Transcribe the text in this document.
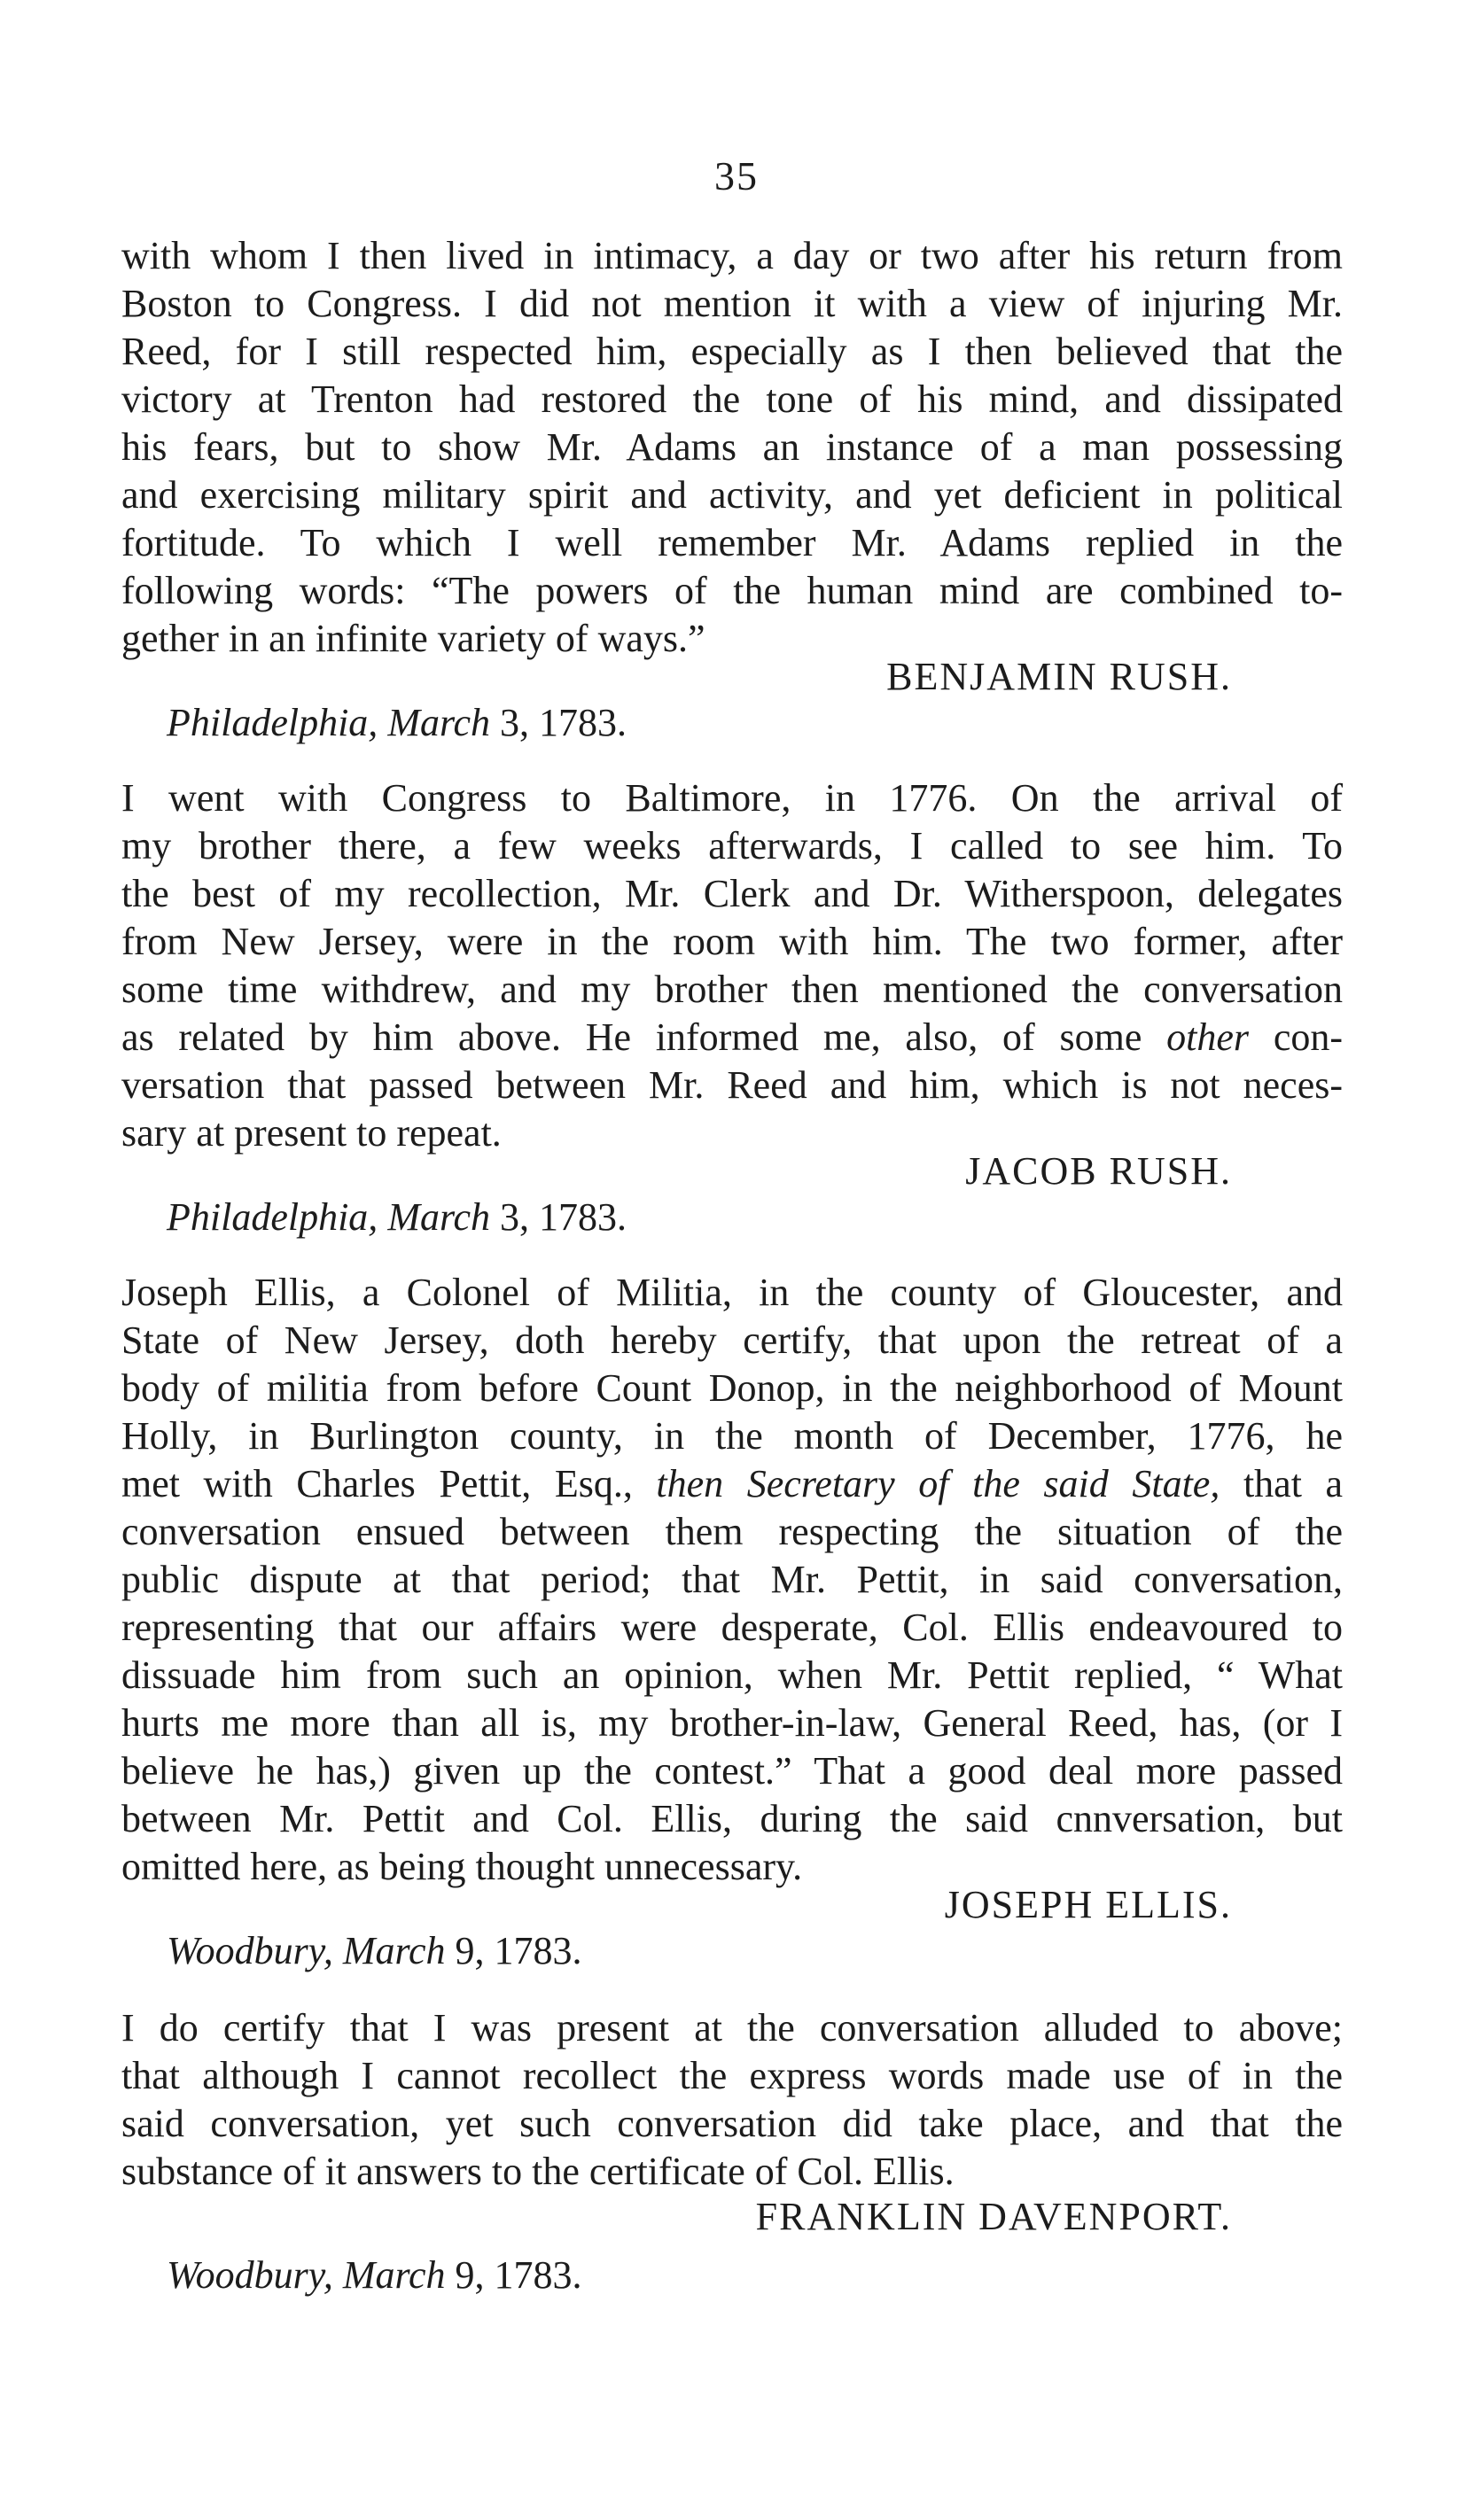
35
with whom I then lived in intimacy, a day or two after his return from
Boston to Congress. I did not mention it with a view of injuring Mr.
Reed, for I still respected him, especially as I then believed that the
victory at Trenton had restored the tone of his mind, and dissipated
his fears, but to show Mr. Adams an instance of a man possessing
and exercising military spirit and activity, and yet deficient in political
fortitude. To which I well remember Mr. Adams replied in the
following words: “The powers of the human mind are combined to-
gether in an infinite variety of ways.”
BENJAMIN RUSH.
Philadelphia, March 3, 1783.
I went with Congress to Baltimore, in 1776. On the arrival of
my brother there, a few weeks afterwards, I called to see him. To
the best of my recollection, Mr. Clerk and Dr. Witherspoon, delegates
from New Jersey, were in the room with him. The two former, after
some time withdrew, and my brother then mentioned the conversation
as related by him above. He informed me, also, of some other con-
versation that passed between Mr. Reed and him, which is not neces-
sary at present to repeat.
JACOB RUSH.
Philadelphia, March 3, 1783.
Joseph Ellis, a Colonel of Militia, in the county of Gloucester, and
State of New Jersey, doth hereby certify, that upon the retreat of a
body of militia from before Count Donop, in the neighborhood of Mount
Holly, in Burlington county, in the month of December, 1776, he
met with Charles Pettit, Esq., then Secretary of the said State, that a
conversation ensued between them respecting the situation of the
public dispute at that period; that Mr. Pettit, in said conversation,
representing that our affairs were desperate, Col. Ellis endeavoured to
dissuade him from such an opinion, when Mr. Pettit replied, “ What
hurts me more than all is, my brother-in-law, General Reed, has, (or I
believe he has,) given up the contest.” That a good deal more passed
between Mr. Pettit and Col. Ellis, during the said cnnversation, but
omitted here, as being thought unnecessary.
JOSEPH ELLIS.
Woodbury, March 9, 1783.
I do certify that I was present at the conversation alluded to above;
that although I cannot recollect the express words made use of in the
said conversation, yet such conversation did take place, and that the
substance of it answers to the certificate of Col. Ellis.
FRANKLIN DAVENPORT.
Woodbury, March 9, 1783.
